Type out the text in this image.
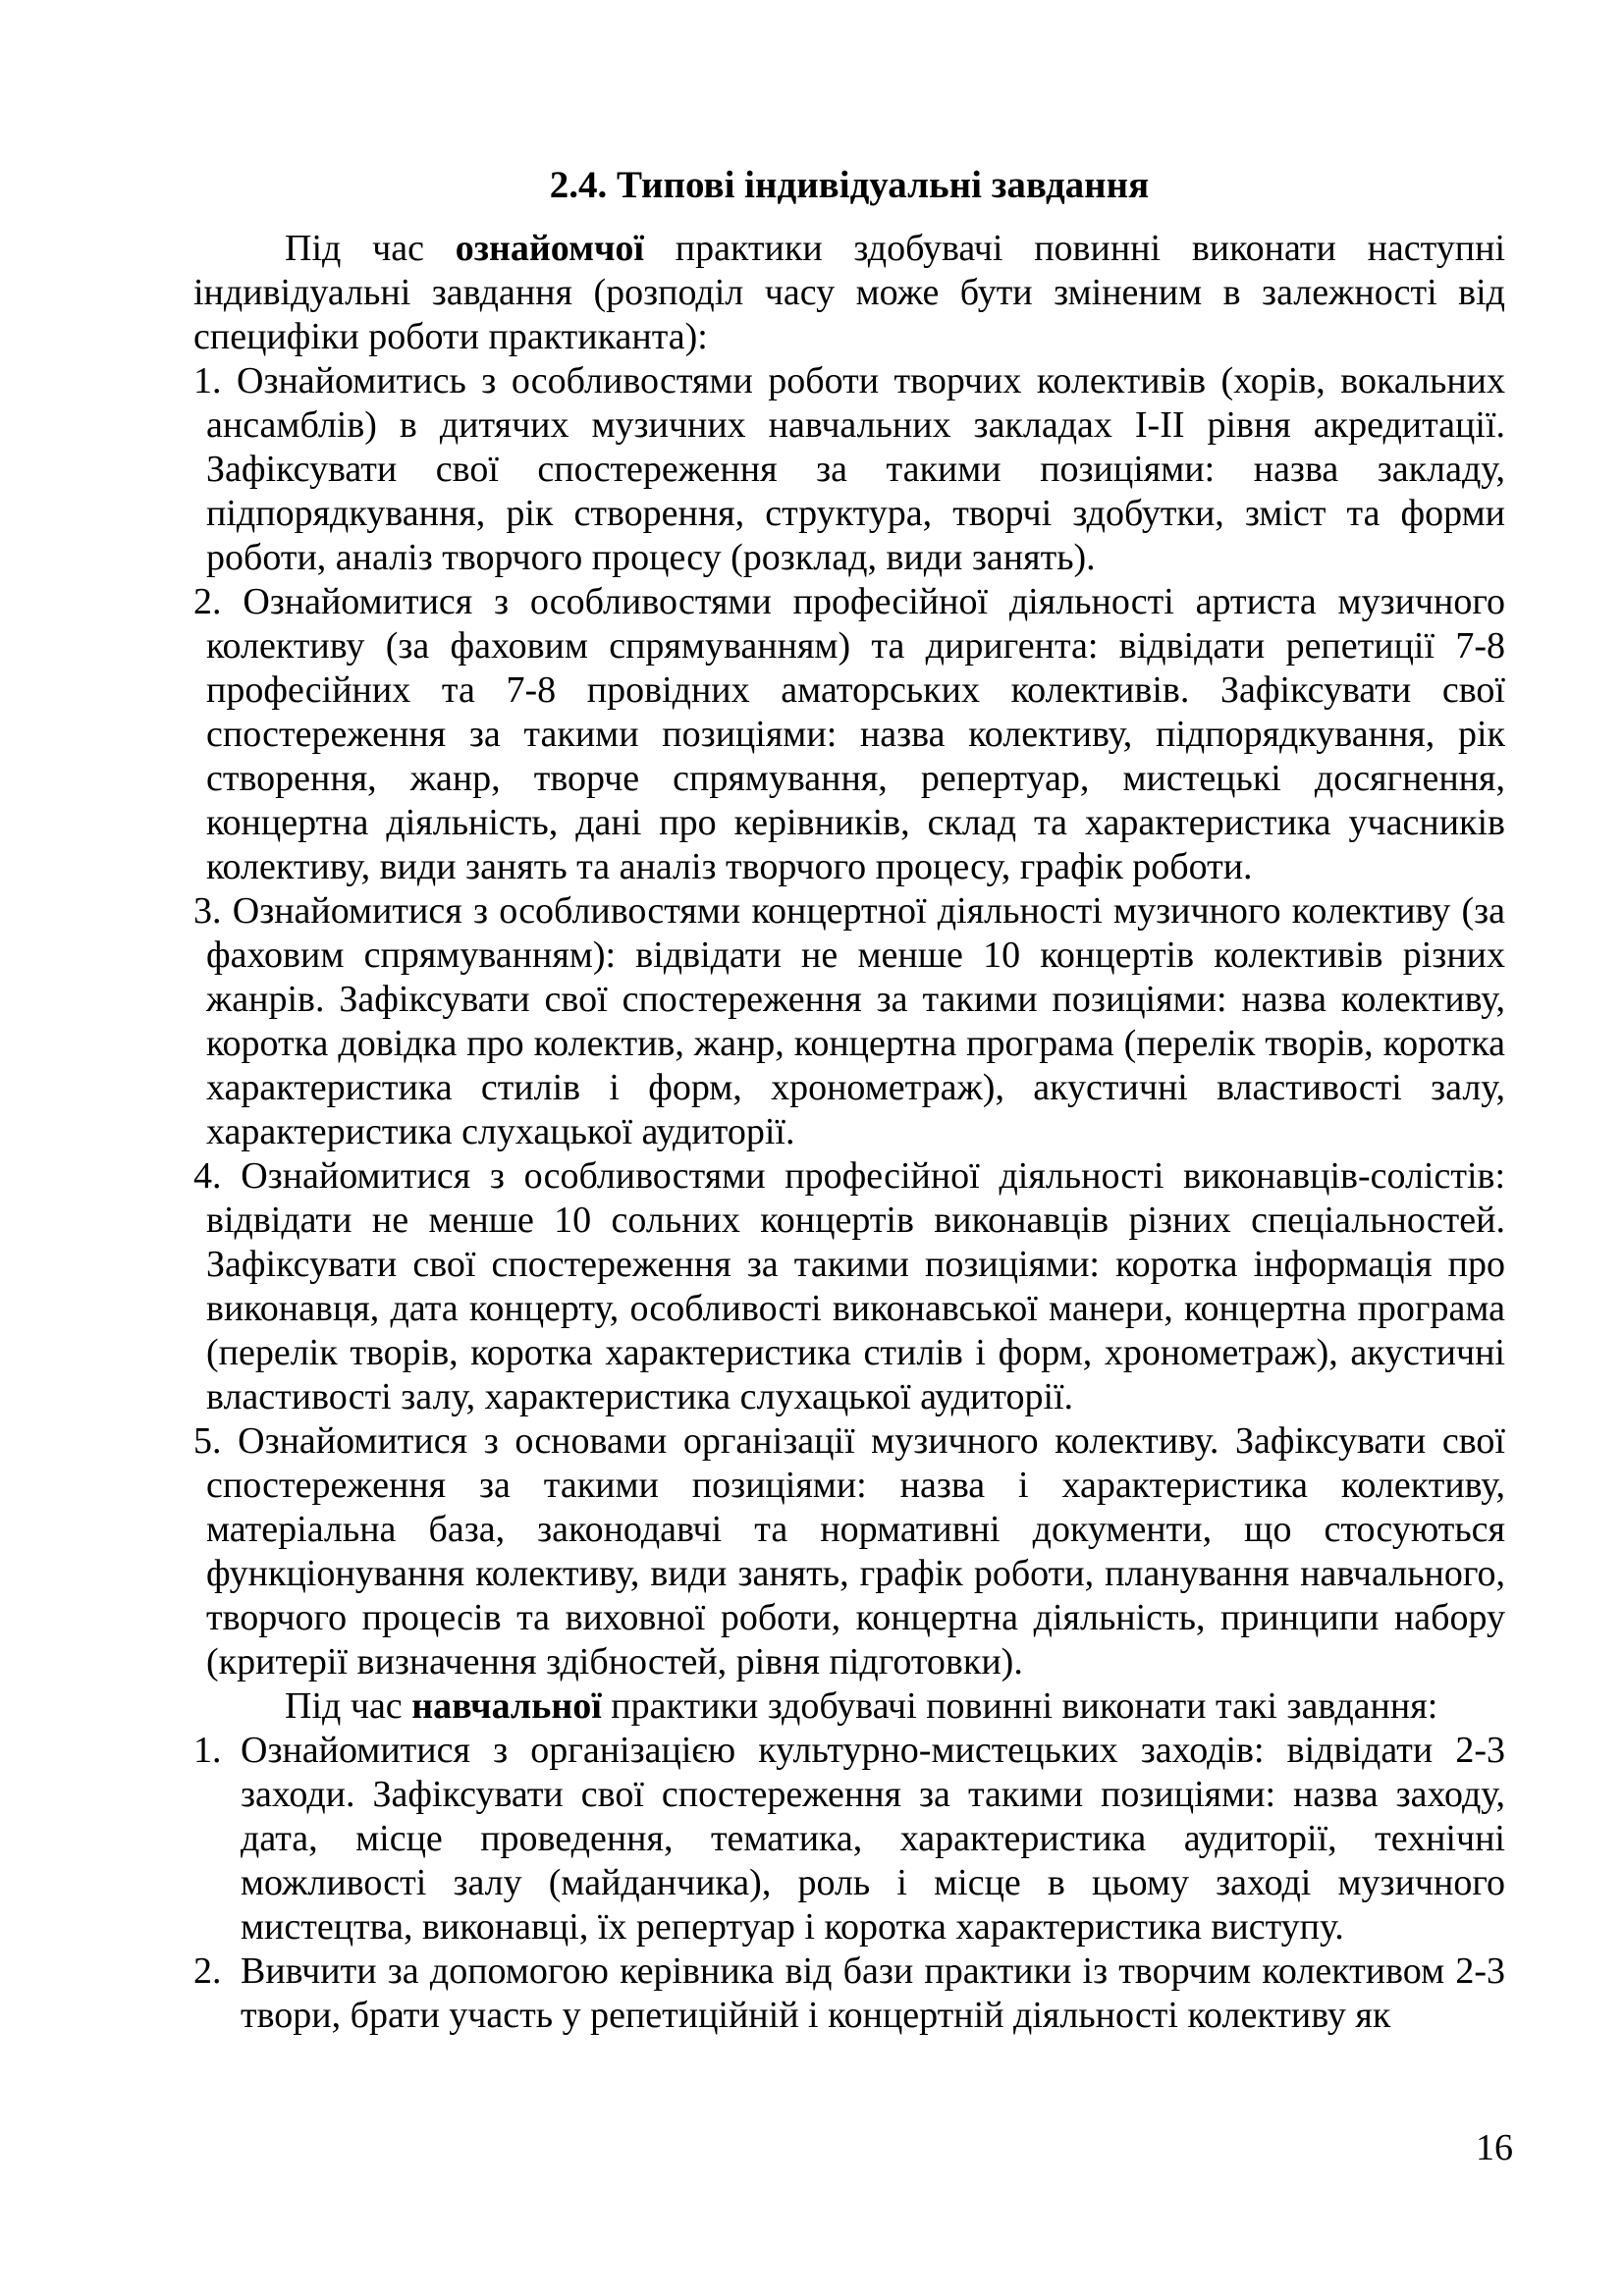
2.4. Типові індивідуальні завдання

Під час ознайомчої практики здобувачі повинні виконати наступні індивідуальні завдання (розподіл часу може бути зміненим в залежності від специфіки роботи практиканта):

1. Ознайомитись з особливостями роботи творчих колективів (хорів, вокальних ансамблів) в дитячих музичних навчальних закладах І-ІІ рівня акредитації. Зафіксувати свої спостереження за такими позиціями: назва закладу, підпорядкування, рік створення, структура, творчі здобутки, зміст та форми роботи, аналіз творчого процесу (розклад, види занять).
2. Ознайомитися з особливостями професійної діяльності артиста музичного колективу (за фаховим спрямуванням) та диригента: відвідати репетиції 7-8 професійних та 7-8 провідних аматорських колективів. Зафіксувати свої спостереження за такими позиціями: назва колективу, підпорядкування, рік створення, жанр, творче спрямування, репертуар, мистецькі досягнення, концертна діяльність, дані про керівників, склад та характеристика учасників колективу, види занять та аналіз творчого процесу, графік роботи.
3. Ознайомитися з особливостями концертної діяльності музичного колективу (за фаховим спрямуванням): відвідати не менше 10 концертів колективів різних жанрів. Зафіксувати свої спостереження за такими позиціями: назва колективу, коротка довідка про колектив, жанр, концертна програма (перелік творів, коротка характеристика стилів і форм, хронометраж), акустичні властивості залу, характеристика слухацької аудиторії.
4. Ознайомитися з особливостями професійної діяльності виконавців-солістів: відвідати не менше 10 сольних концертів виконавців різних спеціальностей. Зафіксувати свої спостереження за такими позиціями: коротка інформація про виконавця, дата концерту, особливості виконавської манери, концертна програма (перелік творів, коротка характеристика стилів і форм, хронометраж), акустичні властивості залу, характеристика слухацької аудиторії.
5. Ознайомитися з основами організації музичного колективу. Зафіксувати свої спостереження за такими позиціями: назва і характеристика колективу, матеріальна база, законодавчі та нормативні документи, що стосуються функціонування колективу, види занять, графік роботи, планування навчального, творчого процесів та виховної роботи, концертна діяльність, принципи набору (критерії визначення здібностей, рівня підготовки).

Під час навчальної практики здобувачі повинні виконати такі завдання:

1. Ознайомитися з організацією культурно-мистецьких заходів: відвідати 2-3 заходи. Зафіксувати свої спостереження за такими позиціями: назва заходу, дата, місце проведення, тематика, характеристика аудиторії, технічні можливості залу (майданчика), роль і місце в цьому заході музичного мистецтва, виконавці, їх репертуар і коротка характеристика виступу.
2. Вивчити за допомогою керівника від бази практики із творчим колективом 2-3 твори, брати участь у репетиційній і концертній діяльності колективу як
16
